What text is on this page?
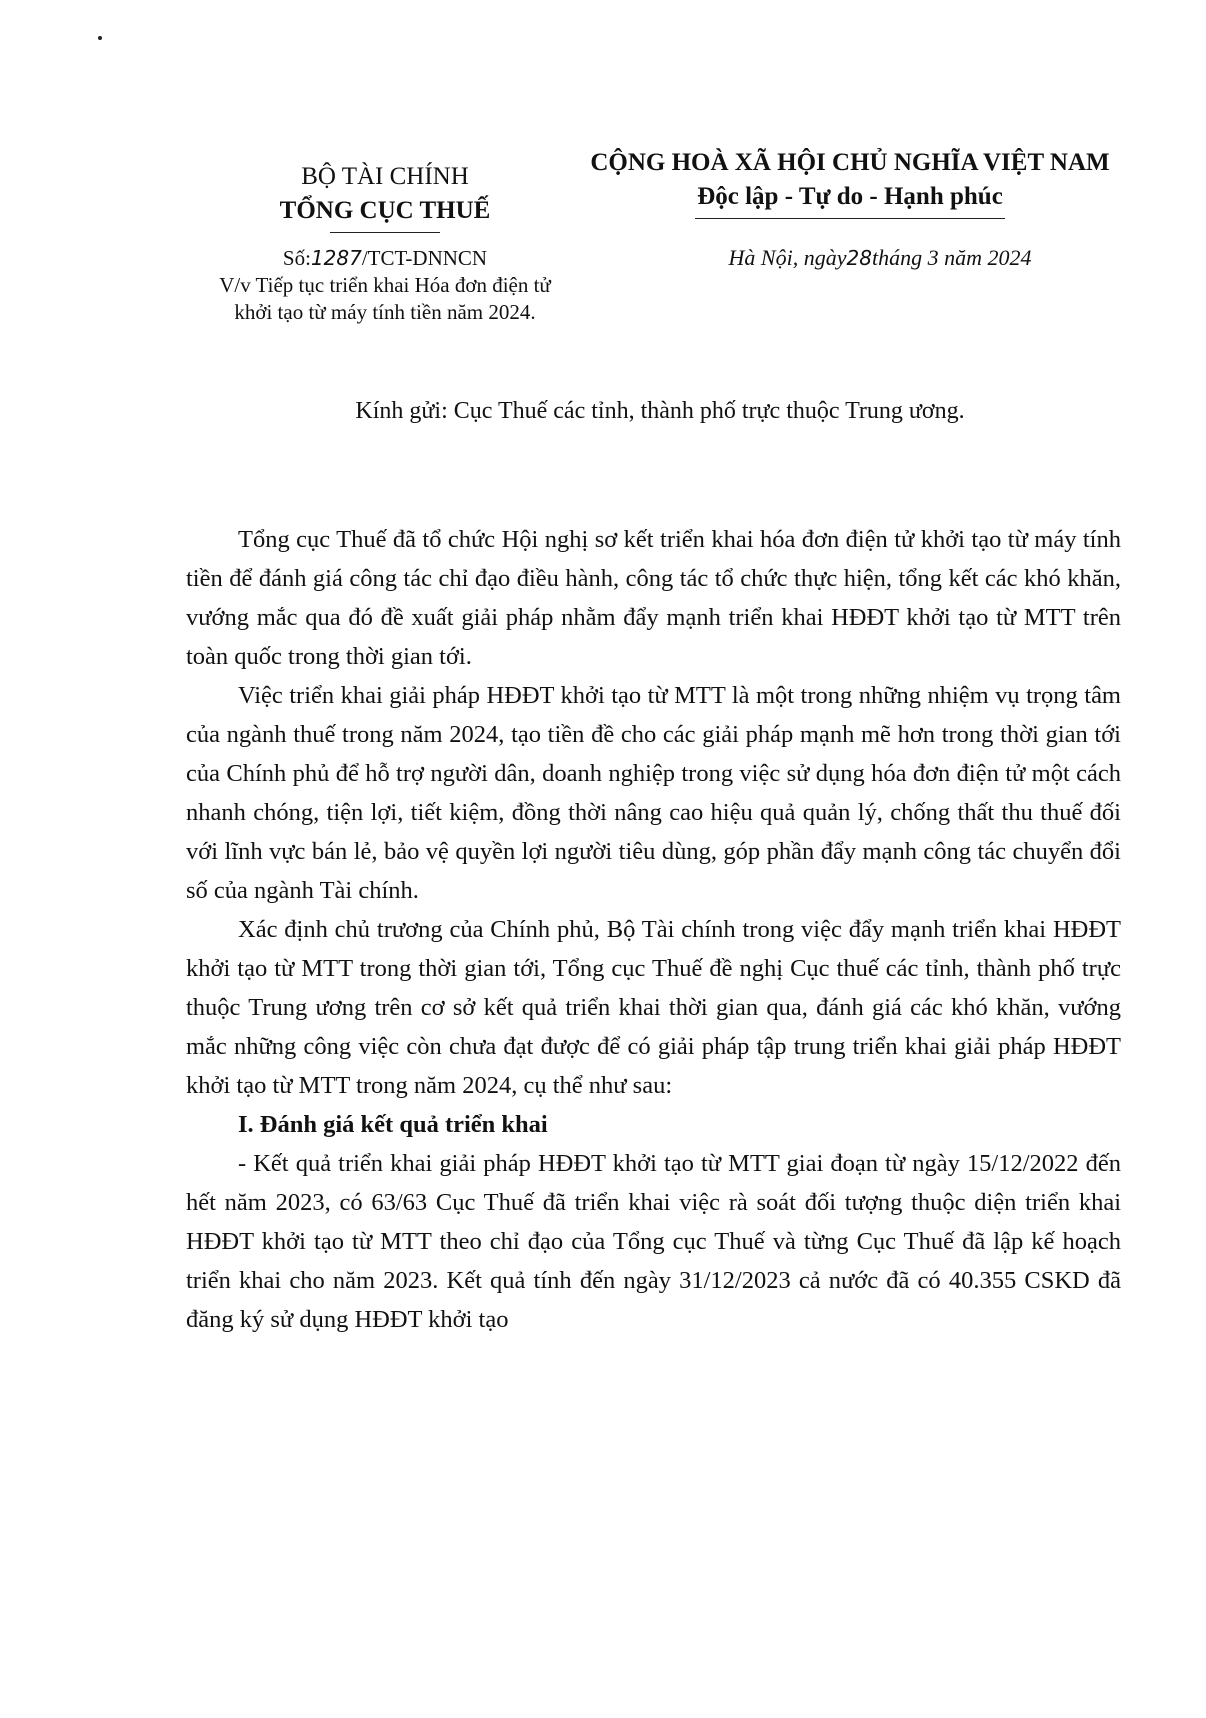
BỘ TÀI CHÍNH
TỔNG CỤC THUẾ
CỘNG HOÀ XÃ HỘI CHỦ NGHĨA VIỆT NAM
Độc lập - Tự do - Hạnh phúc
Số:1287/TCT-DNNCN
V/v Tiếp tục triển khai Hóa đơn điện tử
khởi tạo từ máy tính tiền năm 2024.
Hà Nội, ngày28tháng 3 năm 2024
Kính gửi: Cục Thuế các tỉnh, thành phố trực thuộc Trung ương.

Tổng cục Thuế đã tổ chức Hội nghị sơ kết triển khai hóa đơn điện tử khởi tạo từ máy tính tiền để đánh giá công tác chỉ đạo điều hành, công tác tổ chức thực hiện, tổng kết các khó khăn, vướng mắc qua đó đề xuất giải pháp nhằm đẩy mạnh triển khai HĐĐT khởi tạo từ MTT trên toàn quốc trong thời gian tới.

Việc triển khai giải pháp HĐĐT khởi tạo từ MTT là một trong những nhiệm vụ trọng tâm của ngành thuế trong năm 2024, tạo tiền đề cho các giải pháp mạnh mẽ hơn trong thời gian tới của Chính phủ để hỗ trợ người dân, doanh nghiệp trong việc sử dụng hóa đơn điện tử một cách nhanh chóng, tiện lợi, tiết kiệm, đồng thời nâng cao hiệu quả quản lý, chống thất thu thuế đối với lĩnh vực bán lẻ, bảo vệ quyền lợi người tiêu dùng, góp phần đẩy mạnh công tác chuyển đổi số của ngành Tài chính.

Xác định chủ trương của Chính phủ, Bộ Tài chính trong việc đẩy mạnh triển khai HĐĐT khởi tạo từ MTT trong thời gian tới, Tổng cục Thuế đề nghị Cục thuế các tỉnh, thành phố trực thuộc Trung ương trên cơ sở kết quả triển khai thời gian qua, đánh giá các khó khăn, vướng mắc những công việc còn chưa đạt được để có giải pháp tập trung triển khai giải pháp HĐĐT khởi tạo từ MTT trong năm 2024, cụ thể như sau:

I. Đánh giá kết quả triển khai

- Kết quả triển khai giải pháp HĐĐT khởi tạo từ MTT giai đoạn từ ngày 15/12/2022 đến hết năm 2023, có 63/63 Cục Thuế đã triển khai việc rà soát đối tượng thuộc diện triển khai HĐĐT khởi tạo từ MTT theo chỉ đạo của Tổng cục Thuế và từng Cục Thuế đã lập kế hoạch triển khai cho năm 2023. Kết quả tính đến ngày 31/12/2023 cả nước đã có 40.355 CSKD đã đăng ký sử dụng HĐĐT khởi tạo
